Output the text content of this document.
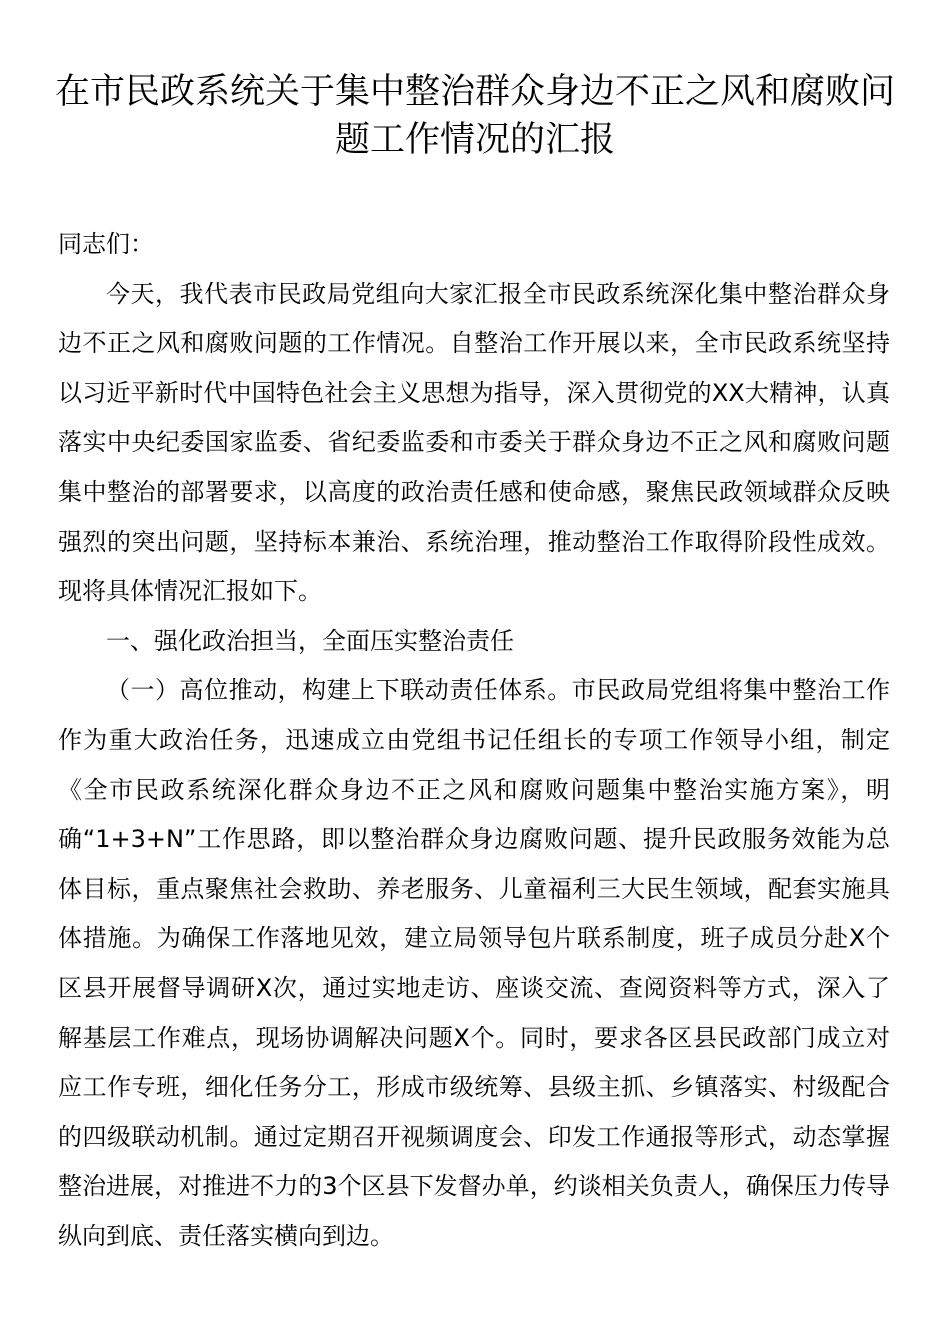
在市民政系统关于集中整治群众身边不正之风和腐败问题工作情况的汇报

同志们：

今天，我代表市民政局党组向大家汇报全市民政系统深化集中整治群众身边不正之风和腐败问题的工作情况。自整治工作开展以来，全市民政系统坚持以习近平新时代中国特色社会主义思想为指导，深入贯彻党的XX大精神，认真落实中央纪委国家监委、省纪委监委和市委关于群众身边不正之风和腐败问题集中整治的部署要求，以高度的政治责任感和使命感，聚焦民政领域群众反映强烈的突出问题，坚持标本兼治、系统治理，推动整治工作取得阶段性成效。现将具体情况汇报如下。

一、强化政治担当，全面压实整治责任

（一）高位推动，构建上下联动责任体系。市民政局党组将集中整治工作作为重大政治任务，迅速成立由党组书记任组长的专项工作领导小组，制定《全市民政系统深化群众身边不正之风和腐败问题集中整治实施方案》，明确“1+3+N”工作思路，即以整治群众身边腐败问题、提升民政服务效能为总体目标，重点聚焦社会救助、养老服务、儿童福利三大民生领域，配套实施具体措施。为确保工作落地见效，建立局领导包片联系制度，班子成员分赴X个区县开展督导调研X次，通过实地走访、座谈交流、查阅资料等方式，深入了解基层工作难点，现场协调解决问题X个。同时，要求各区县民政部门成立对应工作专班，细化任务分工，形成市级统筹、县级主抓、乡镇落实、村级配合的四级联动机制。通过定期召开视频调度会、印发工作通报等形式，动态掌握整治进展，对推进不力的3个区县下发督办单，约谈相关负责人，确保压力传导纵向到底、责任落实横向到边。
